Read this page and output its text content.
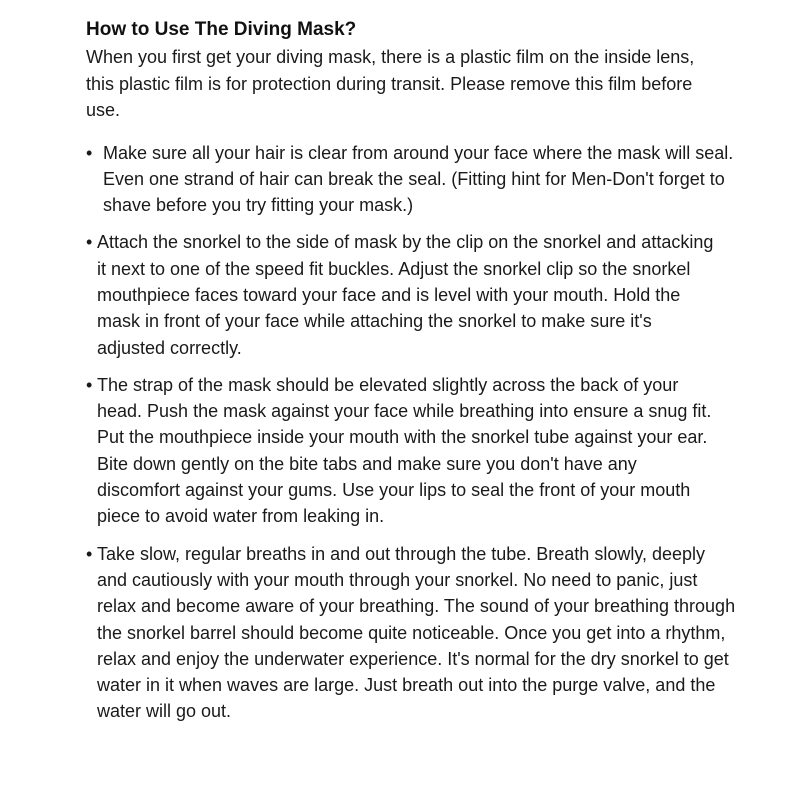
How to Use The Diving Mask?

When you first get your diving mask, there is a plastic film on the inside lens, this plastic film is for protection during transit. Please remove this film before use.

• Make sure all your hair is clear from around your face where the mask will seal. Even one strand of hair can break the seal. (Fitting hint for Men-Don't forget to shave before you try fitting your mask.)
• Attach the snorkel to the side of mask by the clip on the snorkel and attacking it next to one of the speed fit buckles. Adjust the snorkel clip so the snorkel mouthpiece faces toward your face and is level with your mouth. Hold the mask in front of your face while attaching the snorkel to make sure it's adjusted correctly.
• The strap of the mask should be elevated slightly across the back of your head. Push the mask against your face while breathing into ensure a snug fit. Put the mouthpiece inside your mouth with the snorkel tube against your ear. Bite down gently on the bite tabs and make sure you don't have any discomfort against your gums. Use your lips to seal the front of your mouth piece to avoid water from leaking in.
• Take slow, regular breaths in and out through the tube. Breath slowly, deeply and cautiously with your mouth through your snorkel. No need to panic, just relax and become aware of your breathing. The sound of your breathing through the snorkel barrel should become quite noticeable. Once you get into a rhythm, relax and enjoy the underwater experience. It's normal for the dry snorkel to get water in it when waves are large. Just breath out into the purge valve, and the water will go out.
